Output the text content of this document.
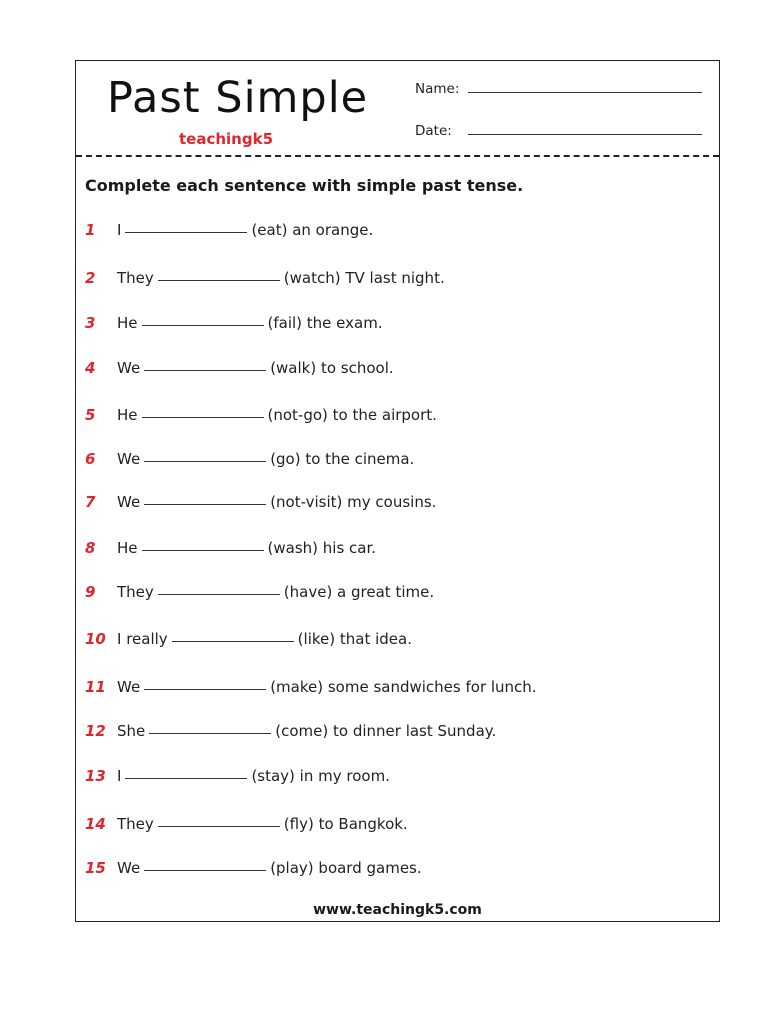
Past Simple
teachingk5
Name:
Date:
Complete each sentence with simple past tense.
1	I	(eat) an orange.
2	They	(watch) TV last night.
3	He	(fail) the exam.
4	We	(walk) to school.
5	He	(not-go) to the airport.
6	We	(go) to the cinema.
7	We	(not-visit) my cousins.
8	He	(wash) his car.
9	They	(have) a great time.
10 I really	(like) that idea.
11 We	(make) some sandwiches for lunch.
12 She	(come) to dinner last Sunday.
13 I	(stay) in my room.
14 They	(fly) to Bangkok.
15 We	(play) board games.
www.teachingk5.com
